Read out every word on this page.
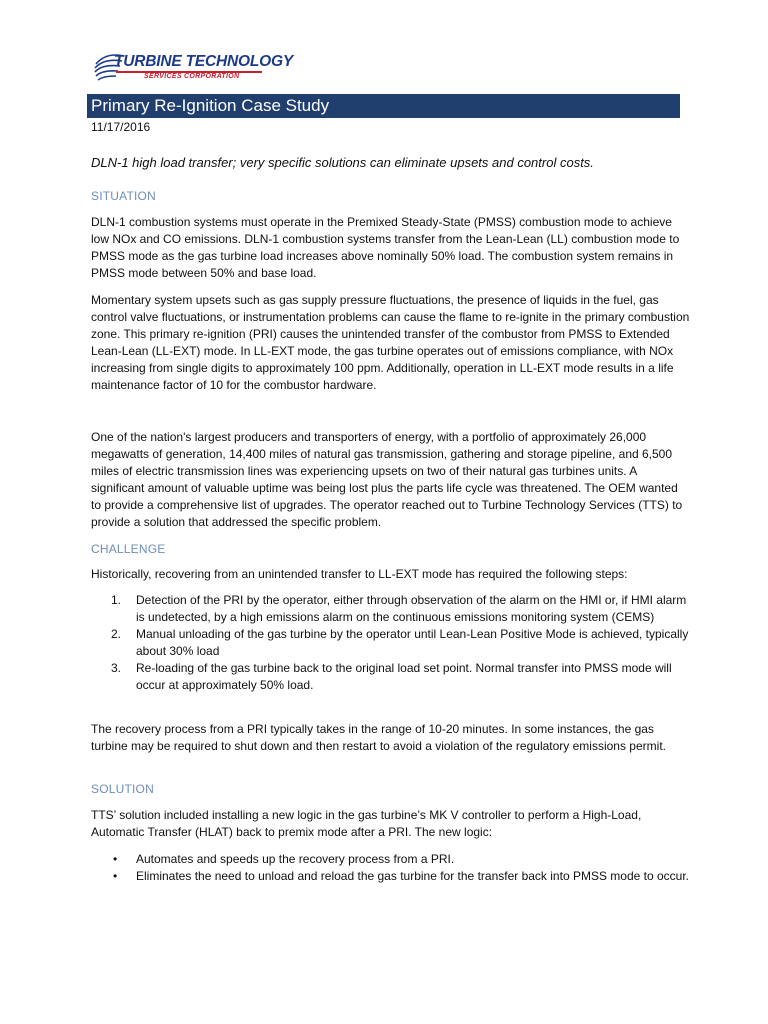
TURBINE TECHNOLOGY
SERVICES CORPORATION
Primary Re-Ignition Case Study
11/17/2016
DLN-1 high load transfer; very specific solutions can eliminate upsets and control costs.
SITUATION

DLN-1 combustion systems must operate in the Premixed Steady-State (PMSS) combustion mode to achieve low NOx and CO emissions. DLN-1 combustion systems transfer from the Lean-Lean (LL) combustion mode to PMSS mode as the gas turbine load increases above nominally 50% load. The combustion system remains in PMSS mode between 50% and base load.

Momentary system upsets such as gas supply pressure fluctuations, the presence of liquids in the fuel, gas control valve fluctuations, or instrumentation problems can cause the flame to re-ignite in the primary combustion zone. This primary re-ignition (PRI) causes the unintended transfer of the combustor from PMSS to Extended Lean-Lean (LL-EXT) mode. In LL-EXT mode, the gas turbine operates out of emissions compliance, with NOx increasing from single digits to approximately 100 ppm. Additionally, operation in LL-EXT mode results in a life maintenance factor of 10 for the combustor hardware.

One of the nation's largest producers and transporters of energy, with a portfolio of approximately 26,000 megawatts of generation, 14,400 miles of natural gas transmission, gathering and storage pipeline, and 6,500 miles of electric transmission lines was experiencing upsets on two of their natural gas turbines units. A significant amount of valuable uptime was being lost plus the parts life cycle was threatened. The OEM wanted to provide a comprehensive list of upgrades. The operator reached out to Turbine Technology Services (TTS) to provide a solution that addressed the specific problem.

CHALLENGE

Historically, recovering from an unintended transfer to LL-EXT mode has required the following steps:

1. Detection of the PRI by the operator, either through observation of the alarm on the HMI or, if HMI alarm is undetected, by a high emissions alarm on the continuous emissions monitoring system (CEMS)
2. Manual unloading of the gas turbine by the operator until Lean-Lean Positive Mode is achieved, typically about 30% load
3. Re-loading of the gas turbine back to the original load set point. Normal transfer into PMSS mode will occur at approximately 50% load.

The recovery process from a PRI typically takes in the range of 10-20 minutes. In some instances, the gas turbine may be required to shut down and then restart to avoid a violation of the regulatory emissions permit.

SOLUTION

TTS’ solution included installing a new logic in the gas turbine’s MK V controller to perform a High-Load, Automatic Transfer (HLAT) back to premix mode after a PRI. The new logic:

• Automates and speeds up the recovery process from a PRI.
• Eliminates the need to unload and reload the gas turbine for the transfer back into PMSS mode to occur.
